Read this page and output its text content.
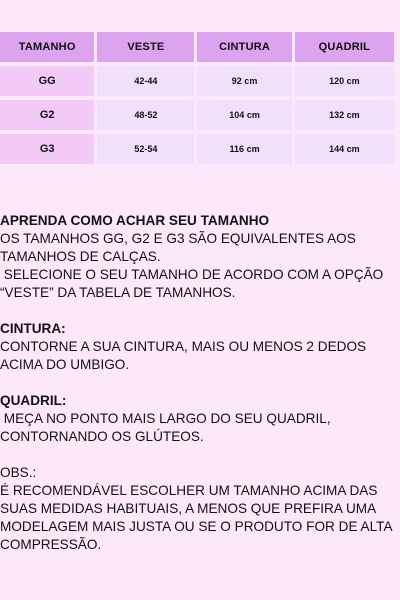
TAMANHO	VESTE	CINTURA	QUADRIL
GG	42-44	92 cm	120 cm
G2	48-52	104 cm	132 cm
G3	52-54	116 cm	144 cm

APRENDA COMO ACHAR SEU TAMANHO

OS TAMANHOS GG, G2 E G3 SÃO EQUIVALENTES AOS TAMANHOS DE CALÇAS.

SELECIONE O SEU TAMANHO DE ACORDO COM A OPÇÃO “VESTE” DA TABELA DE TAMANHOS.

CINTURA:

CONTORNE A SUA CINTURA, MAIS OU MENOS 2 DEDOS ACIMA DO UMBIGO.

QUADRIL:

MEÇA NO PONTO MAIS LARGO DO SEU QUADRIL, CONTORNANDO OS GLÚTEOS.

OBS.:

É RECOMENDÁVEL ESCOLHER UM TAMANHO ACIMA DAS SUAS MEDIDAS HABITUAIS, A MENOS QUE PREFIRA UMA MODELAGEM MAIS JUSTA OU SE O PRODUTO FOR DE ALTA COMPRESSÃO.
